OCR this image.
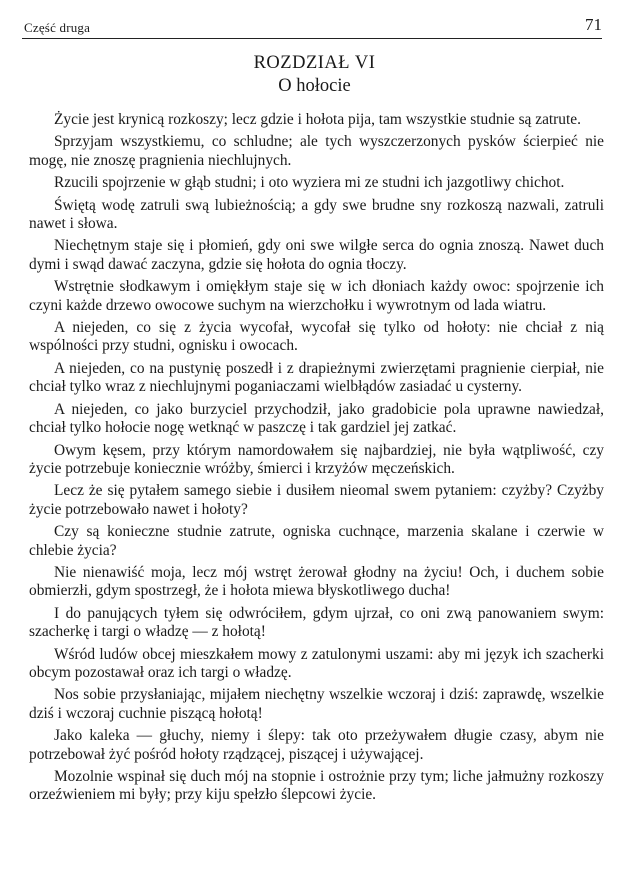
Część druga	71
ROZDZIAŁ VI
O hołocie

Życie jest krynicą rozkoszy; lecz gdzie i hołota pija, tam wszystkie studnie są zatrute.

Sprzyjam wszystkiemu, co schludne; ale tych wyszczerzonych pysków ścierpieć nie mogę, nie znoszę pragnienia niechlujnych.

Rzucili spojrzenie w głąb studni; i oto wyziera mi ze studni ich jazgotliwy chichot.

Świętą wodę zatruli swą lubieżnością; a gdy swe brudne sny rozkoszą nazwali, zatruli nawet i słowa.

Niechętnym staje się i płomień, gdy oni swe wilgłe serca do ognia znoszą. Nawet duch dymi i swąd dawać zaczyna, gdzie się hołota do ognia tłoczy.

Wstrętnie słodkawym i omiękłym staje się w ich dłoniach każdy owoc: spojrzenie ich czyni każde drzewo owocowe suchym na wierzchołku i wywrotnym od lada wiatru.

A niejeden, co się z życia wycofał, wycofał się tylko od hołoty: nie chciał z nią wspólności przy studni, ognisku i owocach.

A niejeden, co na pustynię poszedł i z drapieżnymi zwierzętami pragnienie cierpiał, nie chciał tylko wraz z niechlujnymi poganiaczami wielbłądów zasiadać u cysterny.

A niejeden, co jako burzyciel przychodził, jako gradobicie pola uprawne nawiedzał, chciał tylko hołocie nogę wetknąć w paszczę i tak gardziel jej zatkać.

Owym kęsem, przy którym namordowałem się najbardziej, nie była wątpliwość, czy życie potrzebuje koniecznie wróżby, śmierci i krzyżów męczeńskich.

Lecz że się pytałem samego siebie i dusiłem nieomal swem pytaniem: czyżby? Czyżby życie potrzebowało nawet i hołoty?

Czy są konieczne studnie zatrute, ogniska cuchnące, marzenia skalane i czerwie w chlebie życia?

Nie nienawiść moja, lecz mój wstręt żerował głodny na życiu! Och, i duchem sobie obmierzłi, gdym spostrzegł, że i hołota miewa błyskotliwego ducha!

I do panujących tyłem się odwróciłem, gdym ujrzał, co oni zwą panowaniem swym: szacherkę i targi o władzę — z hołotą!

Wśród ludów obcej mieszkałem mowy z zatulonymi uszami: aby mi język ich szacherki obcym pozostawał oraz ich targi o władzę.

Nos sobie przysłaniając, mijałem niechętny wszelkie wczoraj i dziś: zaprawdę, wszelkie dziś i wczoraj cuchnie piszącą hołotą!

Jako kaleka — głuchy, niemy i ślepy: tak oto przeżywałem długie czasy, abym nie potrzebował żyć pośród hołoty rządzącej, piszącej i używającej.

Mozolnie wspinał się duch mój na stopnie i ostrożnie przy tym; liche jałmużny rozkoszy orzeźwieniem mi były; przy kiju spełzło ślepcowi życie.
